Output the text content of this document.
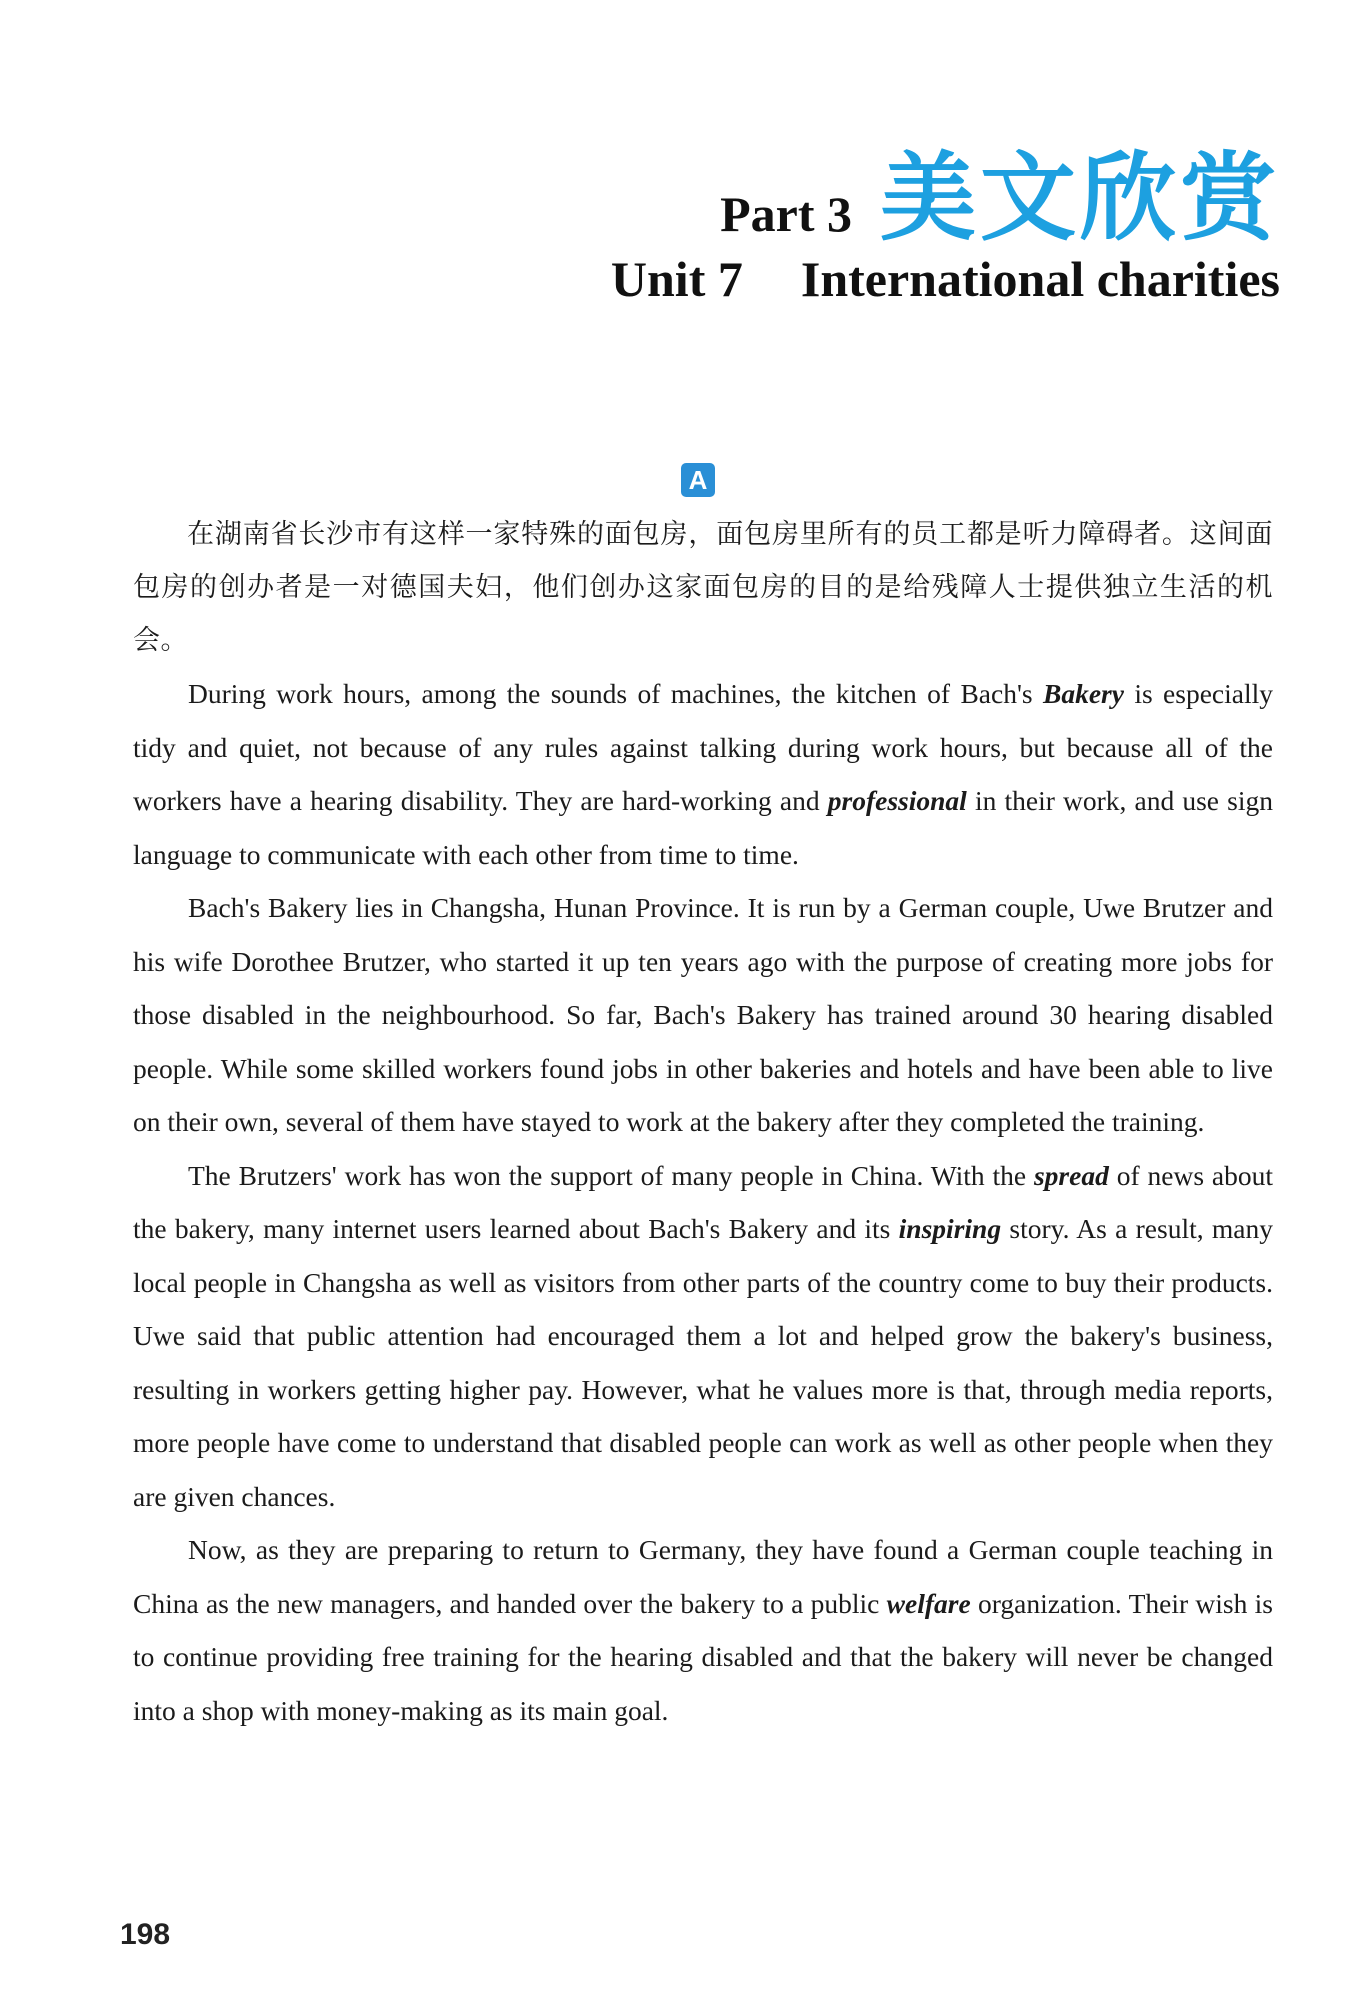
Part 3 美文欣赏
Unit 7 International charities
A

在湖南省长沙市有这样一家特殊的面包房，面包房里所有的员工都是听力障碍者。这间面包房的创办者是一对德国夫妇，他们创办这家面包房的目的是给残障人士提供独立生活的机会。

During work hours, among the sounds of machines, the kitchen of Bach's Bakery is especially tidy and quiet, not because of any rules against talking during work hours, but because all of the workers have a hearing disability. They are hard-working and professional in their work, and use sign language to communicate with each other from time to time.

Bach's Bakery lies in Changsha, Hunan Province. It is run by a German couple, Uwe Brutzer and his wife Dorothee Brutzer, who started it up ten years ago with the purpose of creating more jobs for those disabled in the neighbourhood. So far, Bach's Bakery has trained around 30 hearing disabled people. While some skilled workers found jobs in other bakeries and hotels and have been able to live on their own, several of them have stayed to work at the bakery after they completed the training.

The Brutzers' work has won the support of many people in China. With the spread of news about the bakery, many internet users learned about Bach's Bakery and its inspiring story. As a result, many local people in Changsha as well as visitors from other parts of the country come to buy their products. Uwe said that public attention had encouraged them a lot and helped grow the bakery's business, resulting in workers getting higher pay. However, what he values more is that, through media reports, more people have come to understand that disabled people can work as well as other people when they are given chances.

Now, as they are preparing to return to Germany, they have found a German couple teaching in China as the new managers, and handed over the bakery to a public welfare organization. Their wish is to continue providing free training for the hearing disabled and that the bakery will never be changed into a shop with money-making as its main goal.

198
